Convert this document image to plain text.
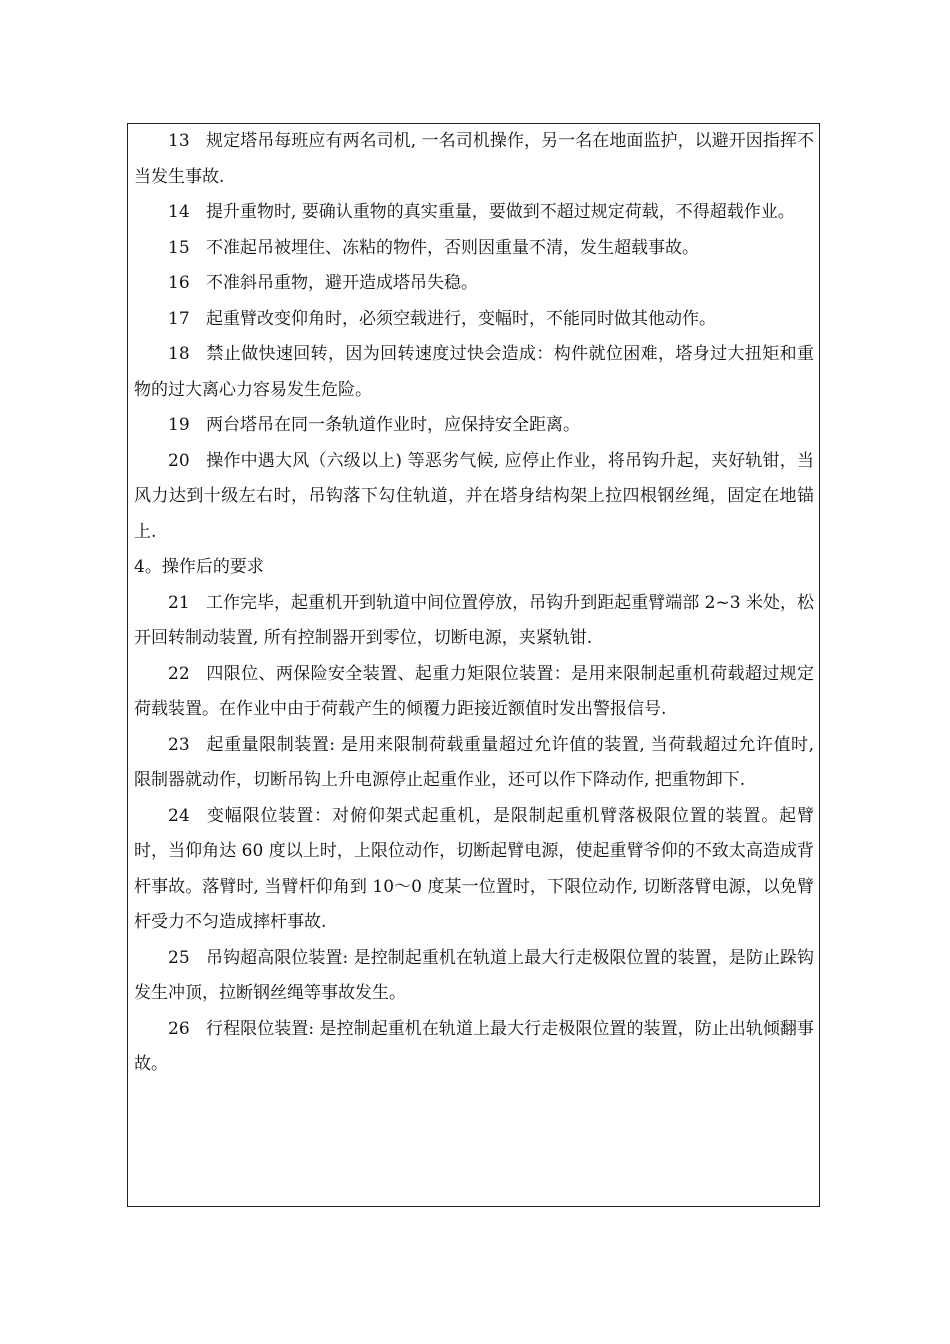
13 规定塔吊每班应有两名司机, 一名司机操作，另一名在地面监护，以避开因指挥不当发生事故.

14 提升重物时, 要确认重物的真实重量，要做到不超过规定荷载，不得超载作业。

15 不准起吊被埋住、冻粘的物件，否则因重量不清，发生超载事故。

16 不准斜吊重物，避开造成塔吊失稳。

17 起重臂改变仰角时，必须空载进行，变幅时，不能同时做其他动作。

18 禁止做快速回转，因为回转速度过快会造成：构件就位困难，塔身过大扭矩和重物的过大离心力容易发生危险。

19 两台塔吊在同一条轨道作业时，应保持安全距离。

20 操作中遇大风（六级以上) 等恶劣气候, 应停止作业，将吊钩升起，夹好轨钳，当风力达到十级左右时，吊钩落下勾住轨道，并在塔身结构架上拉四根钢丝绳，固定在地锚上.

4。操作后的要求

21 工作完毕，起重机开到轨道中间位置停放，吊钩升到距起重臂端部 2~3 米处，松开回转制动装置, 所有控制器开到零位，切断电源，夹紧轨钳.

22 四限位、两保险安全装置、起重力矩限位装置：是用来限制起重机荷载超过规定荷载装置。在作业中由于荷载产生的倾覆力距接近额值时发出警报信号.

23 起重量限制装置: 是用来限制荷载重量超过允许值的装置, 当荷载超过允许值时, 限制器就动作，切断吊钩上升电源停止起重作业，还可以作下降动作, 把重物卸下.

24 变幅限位装置：对俯仰架式起重机，是限制起重机臂落极限位置的装置。起臂时，当仰角达 60 度以上时，上限位动作，切断起臂电源，使起重臂爷仰的不致太高造成背杆事故。落臂时, 当臂杆仰角到 10～0 度某一位置时，下限位动作, 切断落臂电源，以免臂杆受力不匀造成摔杆事故.

25 吊钩超高限位装置: 是控制起重机在轨道上最大行走极限位置的装置，是防止跺钩发生冲顶，拉断钢丝绳等事故发生。

26 行程限位装置: 是控制起重机在轨道上最大行走极限位置的装置，防止出轨倾翻事故。
